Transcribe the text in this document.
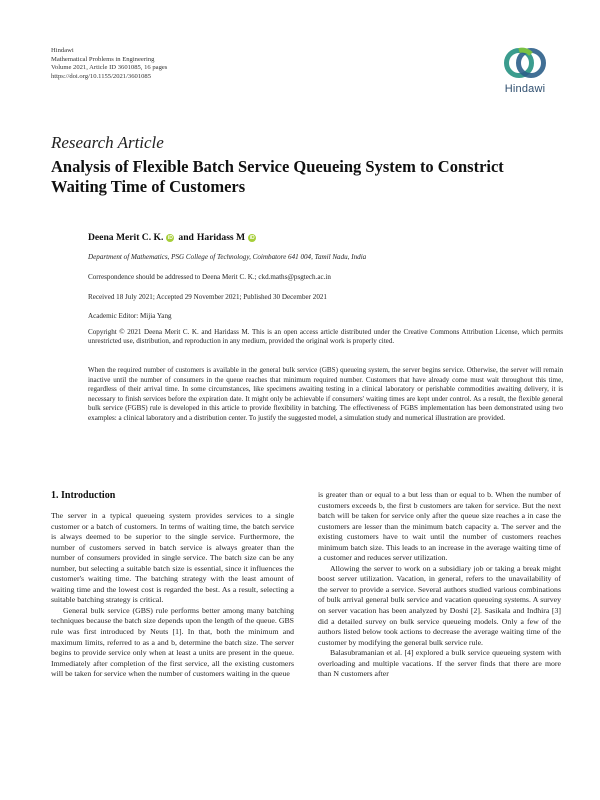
Hindawi
Mathematical Problems in Engineering
Volume 2021, Article ID 3601085, 16 pages
https://doi.org/10.1155/2021/3601085
Hindawi
Research Article
Analysis of Flexible Batch Service Queueing System to Constrict Waiting Time of Customers
Deena Merit C. K. iD and Haridass M iD
Department of Mathematics, PSG College of Technology, Coimbatore 641 004, Tamil Nadu, India
Correspondence should be addressed to Deena Merit C. K.; ckd.maths@psgtech.ac.in
Received 18 July 2021; Accepted 29 November 2021; Published 30 December 2021
Academic Editor: Mijia Yang
Copyright © 2021 Deena Merit C. K. and Haridass M. This is an open access article distributed under the Creative Commons Attribution License, which permits unrestricted use, distribution, and reproduction in any medium, provided the original work is properly cited.
When the required number of customers is available in the general bulk service (GBS) queueing system, the server begins service. Otherwise, the server will remain inactive until the number of consumers in the queue reaches that minimum required number. Customers that have already come must wait throughout this time, regardless of their arrival time. In some circumstances, like specimens awaiting testing in a clinical laboratory or perishable commodities awaiting delivery, it is necessary to finish services before the expiration date. It might only be achievable if consumers' waiting times are kept under control. As a result, the flexible general bulk service (FGBS) rule is developed in this article to provide flexibility in batching. The effectiveness of FGBS implementation has been demonstrated using two examples: a clinical laboratory and a distribution center. To justify the suggested model, a simulation study and numerical illustration are provided.
1. Introduction

The server in a typical queueing system provides services to a single customer or a batch of customers. In terms of waiting time, the batch service is always deemed to be superior to the single service. Furthermore, the number of customers served in batch service is always greater than the number of consumers provided in single service. The batch size can be any number, but selecting a suitable batch size is essential, since it influences the customer's waiting time. The batching strategy with the least amount of waiting time and the lowest cost is regarded the best. As a result, selecting a suitable batching strategy is critical.

General bulk service (GBS) rule performs better among many batching techniques because the batch size depends upon the length of the queue. GBS rule was first introduced by Neuts [1]. In that, both the minimum and maximum limits, referred to as a and b, determine the batch size. The server begins to provide service only when at least a units are present in the queue. Immediately after completion of the first service, all the existing customers will be taken for service when the number of customers waiting in the queue

is greater than or equal to a but less than or equal to b. When the number of customers exceeds b, the first b customers are taken for service. But the next batch will be taken for service only after the queue size reaches a in case the customers are lesser than the minimum batch capacity a. The server and the existing customers have to wait until the number of customers reaches minimum batch size. This leads to an increase in the average waiting time of a customer and reduces server utilization.

Allowing the server to work on a subsidiary job or taking a break might boost server utilization. Vacation, in general, refers to the unavailability of the server to provide a service. Several authors studied various combinations of bulk arrival general bulk service and vacation queueing systems. A survey on server vacation has been analyzed by Doshi [2]. Sasikala and Indhira [3] did a detailed survey on bulk service queueing models. Only a few of the authors listed below took actions to decrease the average waiting time of the customer by modifying the general bulk service rule.

Balasubramanian et al. [4] explored a bulk service queueing system with overloading and multiple vacations. If the server finds that there are more than N customers after
